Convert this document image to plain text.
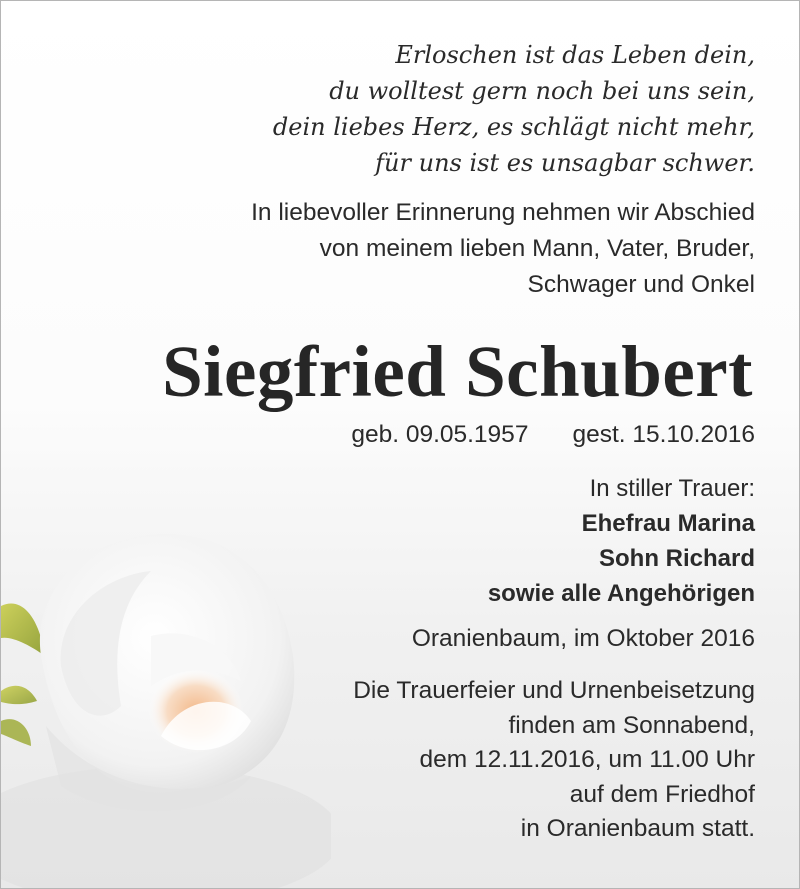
Erloschen ist das Leben dein,
du wolltest gern noch bei uns sein,
dein liebes Herz, es schlägt nicht mehr,
für uns ist es unsagbar schwer.

In liebevoller Erinnerung nehmen wir Abschied
von meinem lieben Mann, Vater, Bruder,
Schwager und Onkel

Siegfried Schubert

geb. 09.05.1957 gest. 15.10.2016

In stiller Trauer:
Ehefrau Marina
Sohn Richard
sowie alle Angehörigen

Oranienbaum, im Oktober 2016

Die Trauerfeier und Urnenbeisetzung
finden am Sonnabend,
dem 12.11.2016, um 11.00 Uhr
auf dem Friedhof
in Oranienbaum statt.
